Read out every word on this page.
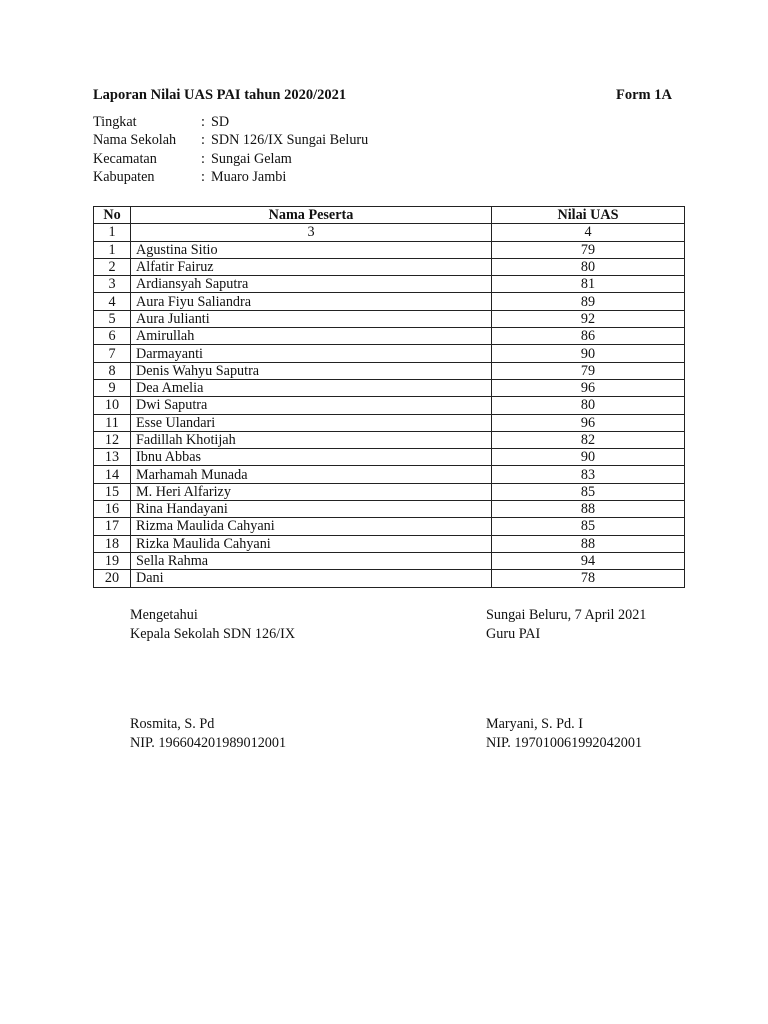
Laporan Nilai UAS PAI tahun 2020/2021	Form 1A
Tingkat	: SD
Nama Sekolah	: SDN 126/IX Sungai Beluru
Kecamatan	: Sungai Gelam
Kabupaten	: Muaro Jambi
No	Nama Peserta	Nilai UAS
1	3	4
1	Agustina Sitio	79
2	Alfatir Fairuz	80
3	Ardiansyah Saputra	81
4	Aura Fiyu Saliandra	89
5	Aura Julianti	92
6	Amirullah	86
7	Darmayanti	90
8	Denis Wahyu Saputra	79
9	Dea Amelia	96
10	Dwi Saputra	80
11	Esse Ulandari	96
12	Fadillah Khotijah	82
13	Ibnu Abbas	90
14	Marhamah Munada	83
15	M. Heri Alfarizy	85
16	Rina Handayani	88
17	Rizma Maulida Cahyani	85
18	Rizka Maulida Cahyani	88
19	Sella Rahma	94
20	Dani	78
Mengetahui
Kepala Sekolah SDN 126/IX
Sungai Beluru, 7 April 2021
Guru PAI
Rosmita, S. Pd
NIP. 196604201989012001
Maryani, S. Pd. I
NIP. 197010061992042001
